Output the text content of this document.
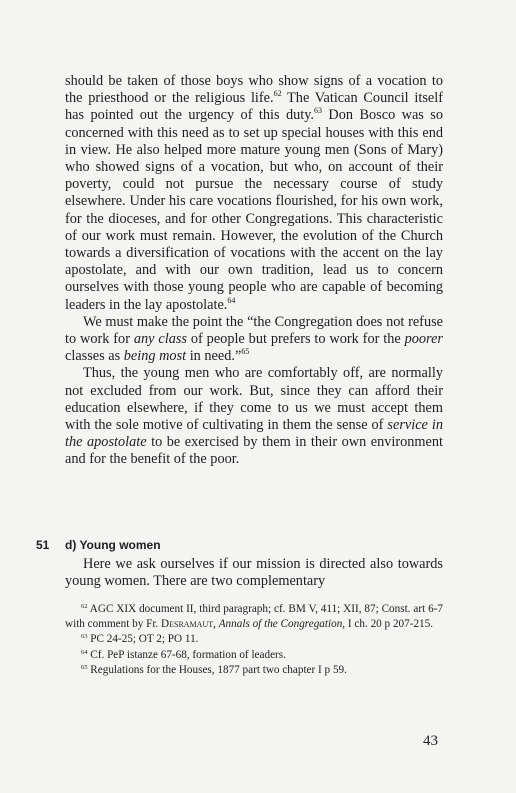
should be taken of those boys who show signs of a vocation to the priesthood or the religious life.$^{62}$ The Vatican Council itself has pointed out the urgency of this duty.$^{63}$ Don Bosco was so concerned with this need as to set up special houses with this end in view. He also helped more mature young men (Sons of Mary) who showed signs of a vocation, but who, on account of their poverty, could not pursue the necessary course of study elsewhere. Under his care vocations flourished, for his own work, for the dioceses, and for other Congregations. This characteristic of our work must remain. However, the evolution of the Church towards a diversification of vocations with the accent on the lay apostolate, and with our own tradition, lead us to concern ourselves with those young people who are capable of becoming leaders in the lay apostolate.$^{64}$

We must make the point the “the Congregation does not refuse to work for any class of people but prefers to work for the poorer classes as being most in need.”$^{65}$

Thus, the young men who are comfortably off, are normally not excluded from our work. But, since they can afford their education elsewhere, if they come to us we must accept them with the sole motive of cultivating in them the sense of service in the apostolate to be exercised by them in their own environment and for the benefit of the poor.

51 d) Young women

Here we ask ourselves if our mission is directed also towards young women. There are two complementary

$^{62}$ AGC XIX document II, third paragraph; cf. BM V, 411; XII, 87; Const. art 6-7 with comment by Fr. Desramaut, Annals of the Congregation, I ch. 20 p 207-215.

$^{63}$ PC 24-25; OT 2; PO 11.

$^{64}$ Cf. PeP istanze 67-68, formation of leaders.

$^{65}$ Regulations for the Houses, 1877 part two chapter I p 59.

43
